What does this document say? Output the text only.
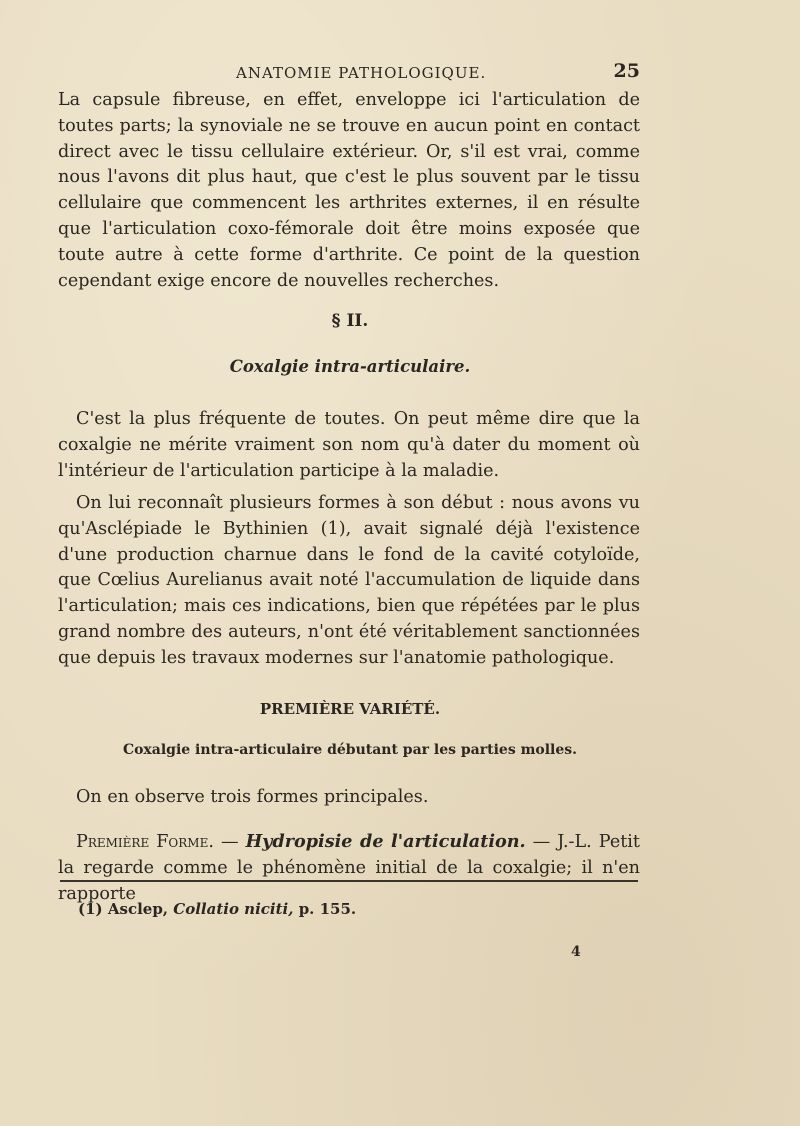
ANATOMIE PATHOLOGIQUE.	25

La capsule fibreuse, en effet, enveloppe ici l'articulation de toutes parts; la synoviale ne se trouve en aucun point en contact direct avec le tissu cellulaire extérieur. Or, s'il est vrai, comme nous l'avons dit plus haut, que c'est le plus souvent par le tissu cellulaire que commencent les arthrites externes, il en résulte que l'articulation coxo-fémorale doit être moins exposée que toute autre à cette forme d'arthrite. Ce point de la question cependant exige encore de nouvelles recherches.

§ II.
Coxalgie intra-articulaire.

C'est la plus fréquente de toutes. On peut même dire que la coxalgie ne mérite vraiment son nom qu'à dater du moment où l'intérieur de l'articulation participe à la maladie.

On lui reconnaît plusieurs formes à son début : nous avons vu qu'Asclépiade le Bythinien (1), avait signalé déjà l'existence d'une production charnue dans le fond de la cavité cotyloïde, que Cœlius Aurelianus avait noté l'accumulation de liquide dans l'articulation; mais ces indications, bien que répétées par le plus grand nombre des auteurs, n'ont été véritablement sanctionnées que depuis les travaux modernes sur l'anatomie pathologique.

PREMIÈRE VARIÉTÉ.
Coxalgie intra-articulaire débutant par les parties molles.

On en observe trois formes principales.

Première Forme. — Hydropisie de l'articulation. — J.-L. Petit la regarde comme le phénomène initial de la coxalgie; il n'en rapporte

(1) Asclep, Collatio niciti, p. 155.
4
